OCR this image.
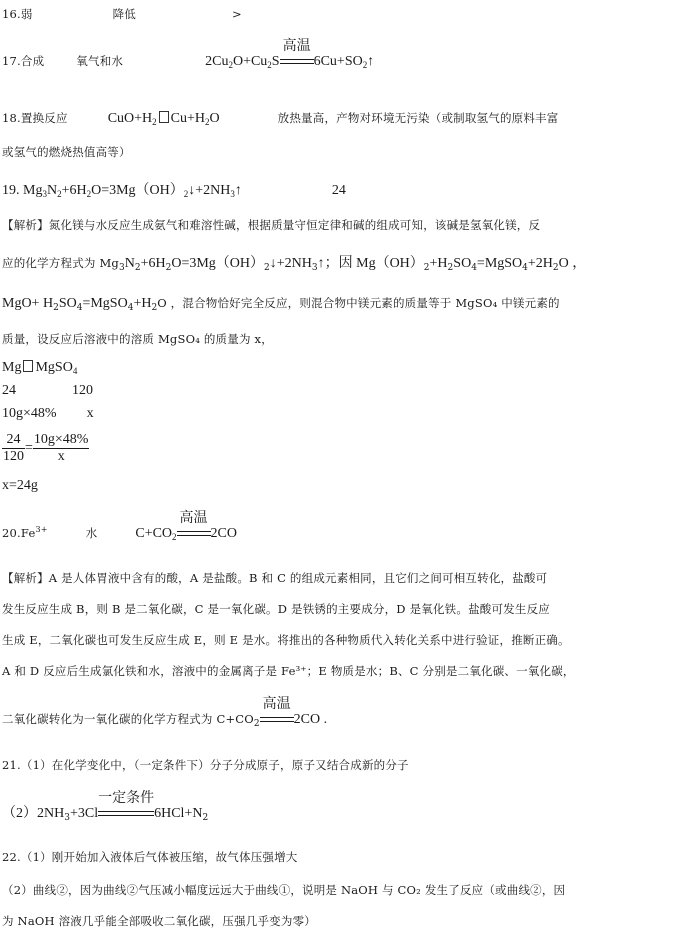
16.弱	降低	>
17.合成	氧气和水	$2Cu_2O+Cu_2S$
高温
$6Cu+SO_2↑$
18.置换反应	$CuO+H_2$ $Cu+H_2O$	放热量高，产物对环境无污染（或制取氢气的原料丰富
或氢气的燃烧热值高等）
19. $Mg_3N_2+6H_2O=3Mg(OH)_2↓+2NH_3↑$	24
【解析】氮化镁与水反应生成氨气和难溶性碱，根据质量守恒定律和碱的组成可知，该碱是氢氧化镁，反
应的化学方程式为 $Mg_3N_2+6H_2O=3Mg(OH)_2↓+2NH_3↑$；因 $Mg(OH)_2+H_2SO_4=MgSO_4+2H_2O$ ，
$MgO+ H_2SO_4=MgSO_4+H_2O$ ，混合物恰好完全反应，则混合物中镁元素的质量等于 MgSO₄ 中镁元素的
质量，设反应后溶液中的溶质 MgSO₄ 的质量为 x，
Mg MgSO$_4$
24	120
10g×48% x
$\frac{24}{120} = \frac{10g\times 48\%}{x}$
x=24g
$20.Fe^{3+}$	水	$C+CO_2$
高温
2CO
【解析】A 是人体胃液中含有的酸，A 是盐酸。B 和 C 的组成元素相同，且它们之间可相互转化，盐酸可
发生反应生成 B，则 B 是二氧化碳，C 是一氧化碳。D 是铁锈的主要成分，D 是氧化铁。盐酸可发生反应
生成 E，二氧化碳也可发生反应生成 E，则 E 是水。将推出的各种物质代入转化关系中进行验证，推断正确。
A 和 D 反应后生成氯化铁和水，溶液中的金属离子是 Fe³⁺；E 物质是水；B、C 分别是二氧化碳、一氧化碳，
二氧化碳转化为一氧化碳的化学方程式为 $C+CO_2$
高温
2CO .
21.（1）在化学变化中，（一定条件下）分子分成原子，原子又结合成新的分子
$(2)2NH_3+3Cl$
一定条件
$6HCl+N_2$
22.（1）刚开始加入液体后气体被压缩，故气体压强增大
（2）曲线②，因为曲线②气压减小幅度远远大于曲线①，说明是 NaOH 与 CO₂ 发生了反应（或曲线②，因
为 NaOH 溶液几乎能全部吸收二氧化碳，压强几乎变为零）
